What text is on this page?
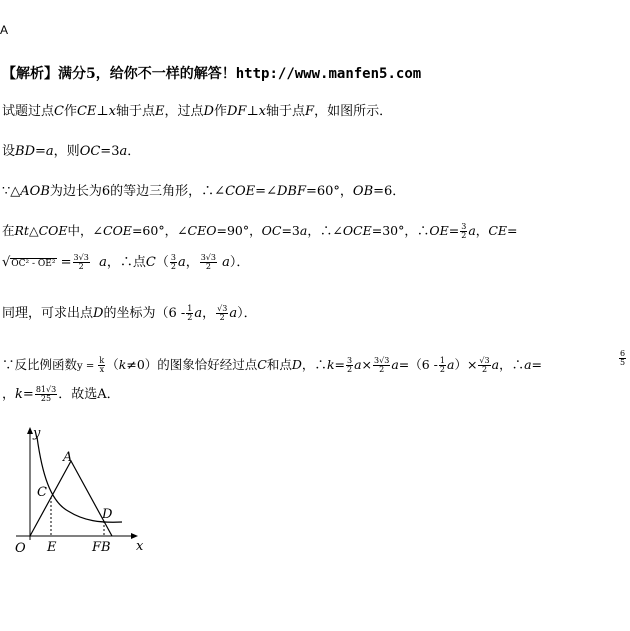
A
【解析】满分5，给你不一样的解答！http://www.manfen5.com
试题过点C作CE⊥x轴于点E，过点D作DF⊥x轴于点F，如图所示．
设BD=a，则OC=3a．
∵△AOB为边长为6的等边三角形，∴∠COE=∠DBF=60°，OB=6．
在Rt△COE中，∠COE=60°，∠CEO=90°，OC=3a，∴∠OCE=30°，∴OE= $\frac{3}{2}$ a，CE=
$√OC^2 - OE^2 = \frac{3√3}{2}$ a，∴点$C( \frac{3}{2}$ a， $\frac{3√3}{2} a$）．
同理，可求出点D的坐标为（$6 - \frac{1}{2}$ a， $\frac{√3}{2} a$）．
∵反比例函数$y = \frac{k}{x} (k\ne 0)$的图象恰好经过点C和点D，∴k= $\frac{3}{2} a\times \frac{3√3}{2} a=(6 - \frac{1}{2} a)\times \frac{√3}{2}$ a，∴a=	$\frac{6}{5}$
，$k= \frac{81√3}{25}$ ．故选A．
y
x
A
C
D
O E	FB
